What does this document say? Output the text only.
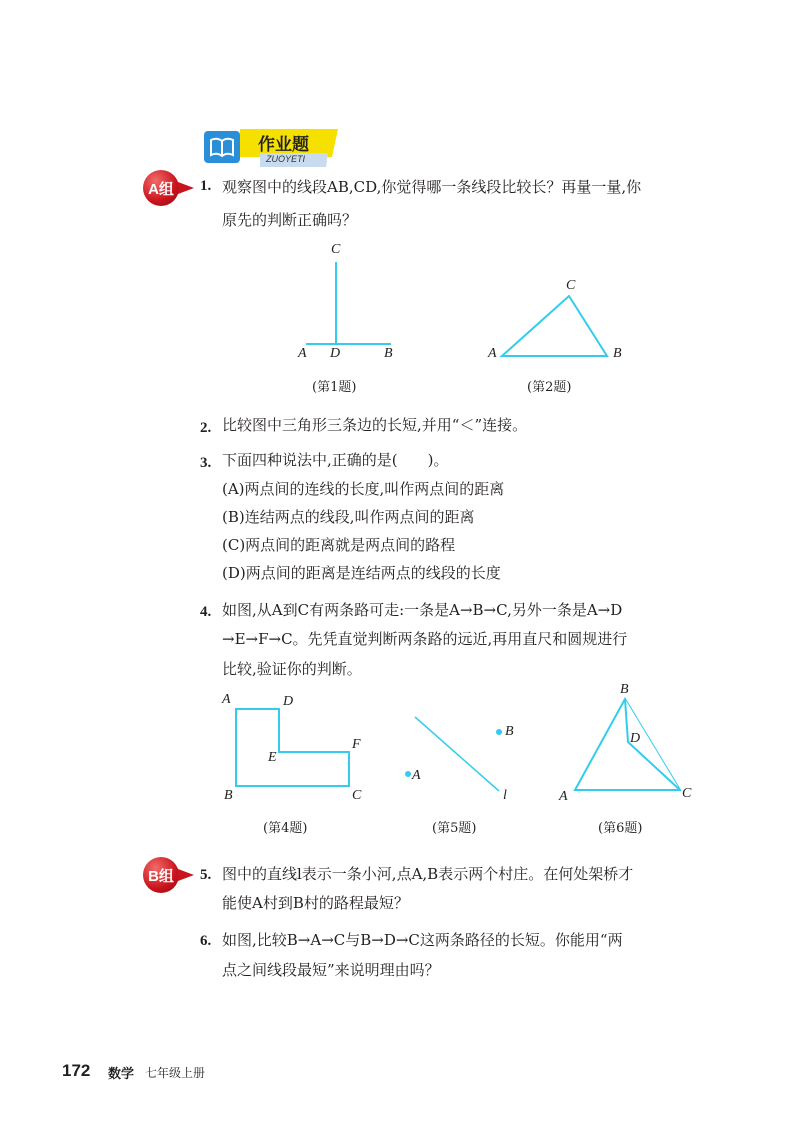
作业题
ZUOYETI
A组	1. 观察图中的线段AB,CD,你觉得哪一条线段比较长？再量一量,你
原先的判断正确吗？
C
A D	B
(第1题)
C
A	B
(第2题)
2. 比较图中三角形三条边的长短,并用“＜”连接。
3. 下面四种说法中,正确的是(　　)。
(A)两点间的连线的长度,叫作两点间的距离
(B)连结两点的线段,叫作两点间的距离
(C)两点间的距离就是两点间的路程
(D)两点间的距离是连结两点的线段的长度
4. 如图,从A到C有两条路可走:一条是A→B→C,另外一条是A→D
→E→F→C。先凭直觉判断两条路的远近,再用直尺和圆规进行
比较,验证你的判断。
A	D
E
F
B	C
(第4题)
B
A
l
(第5题)
B
D
A	C
(第6题)
B组	5. 图中的直线l表示一条小河,点A,B表示两个村庄。在何处架桥才
能使A村到B村的路程最短？
6. 如图,比较B→A→C与B→D→C这两条路径的长短。你能用“两
点之间线段最短”来说明理由吗？
172 数学 七年级上册
